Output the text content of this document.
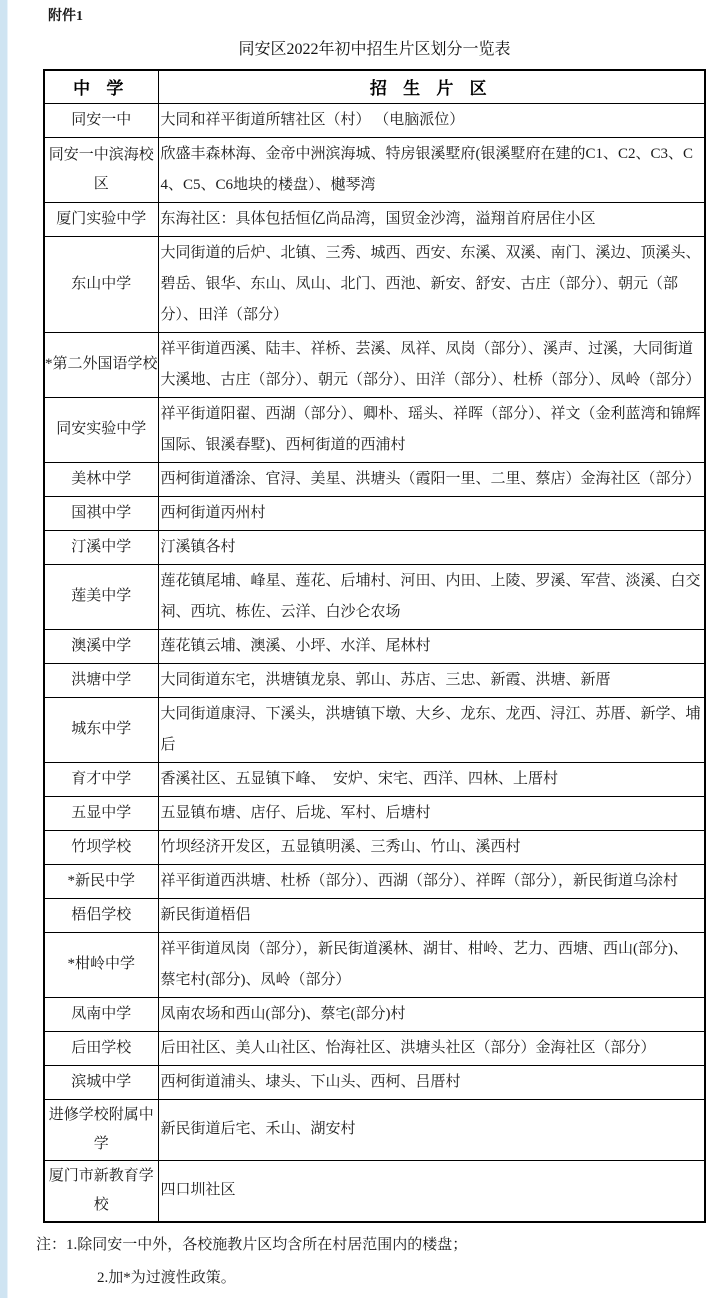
附件1
同安区2022年初中招生片区划分一览表
中 学	招 生 片 区
同安一中	大同和祥平街道所辖社区（村） （电脑派位）
同安一中滨海校区	欣盛丰森林海、金帝中洲滨海城、特房银溪墅府(银溪墅府在建的C1、C2、C3、C4、C5、C6地块的楼盘）、樾琴湾
厦门实验中学	东海社区：具体包括恒亿尚品湾，国贸金沙湾，溢翔首府居住小区
东山中学	大同街道的后炉、北镇、三秀、城西、西安、东溪、双溪、南门、溪边、顶溪头、碧岳、银华、东山、凤山、北门、西池、新安、舒安、古庄（部分）、朝元（部分）、田洋（部分）
*第二外国语学校	祥平街道西溪、陆丰、祥桥、芸溪、凤祥、凤岗（部分）、溪声、过溪，大同街道大溪地、古庄（部分）、朝元（部分）、田洋（部分）、杜桥（部分）、凤岭（部分）
同安实验中学	祥平街道阳翟、西湖（部分）、卿朴、瑶头、祥晖（部分）、祥文（金利蓝湾和锦辉国际、银溪春墅)、西柯街道的西浦村
美林中学	西柯街道潘涂、官浔、美星、洪塘头（霞阳一里、二里、蔡店）金海社区（部分）
国祺中学	西柯街道丙州村
汀溪中学	汀溪镇各村
莲美中学	莲花镇尾埔、峰星、莲花、后埔村、河田、内田、上陵、罗溪、军营、淡溪、白交祠、西坑、栋佐、云洋、白沙仑农场
澳溪中学	莲花镇云埔、澳溪、小坪、水洋、尾林村
洪塘中学	大同街道东宅，洪塘镇龙泉、郭山、苏店、三忠、新霞、洪塘、新厝
城东中学	大同街道康浔、下溪头，洪塘镇下墩、大乡、龙东、龙西、浔江、苏厝、新学、埔后
育才中学	香溪社区、五显镇下峰、　安炉、宋宅、西洋、四林、上厝村
五显中学	五显镇布塘、店仔、后垅、军村、后塘村
竹坝学校	竹坝经济开发区，五显镇明溪、三秀山、竹山、溪西村
*新民中学	祥平街道西洪塘、杜桥（部分）、西湖（部分）、祥晖（部分），新民街道乌涂村
梧侣学校	新民街道梧侣
*柑岭中学	祥平街道凤岗（部分），新民街道溪林、湖甘、柑岭、艺力、西塘、西山(部分)、蔡宅村(部分)、凤岭（部分）
凤南中学	凤南农场和西山(部分)、蔡宅(部分)村
后田学校	后田社区、美人山社区、怡海社区、洪塘头社区（部分）金海社区（部分）
滨城中学	西柯街道浦头、埭头、下山头、西柯、吕厝村
进修学校附属中学	新民街道后宅、禾山、湖安村
厦门市新教育学校	四口圳社区
注：1.除同安一中外，各校施教片区均含所在村居范围内的楼盘；
2.加*为过渡性政策。
